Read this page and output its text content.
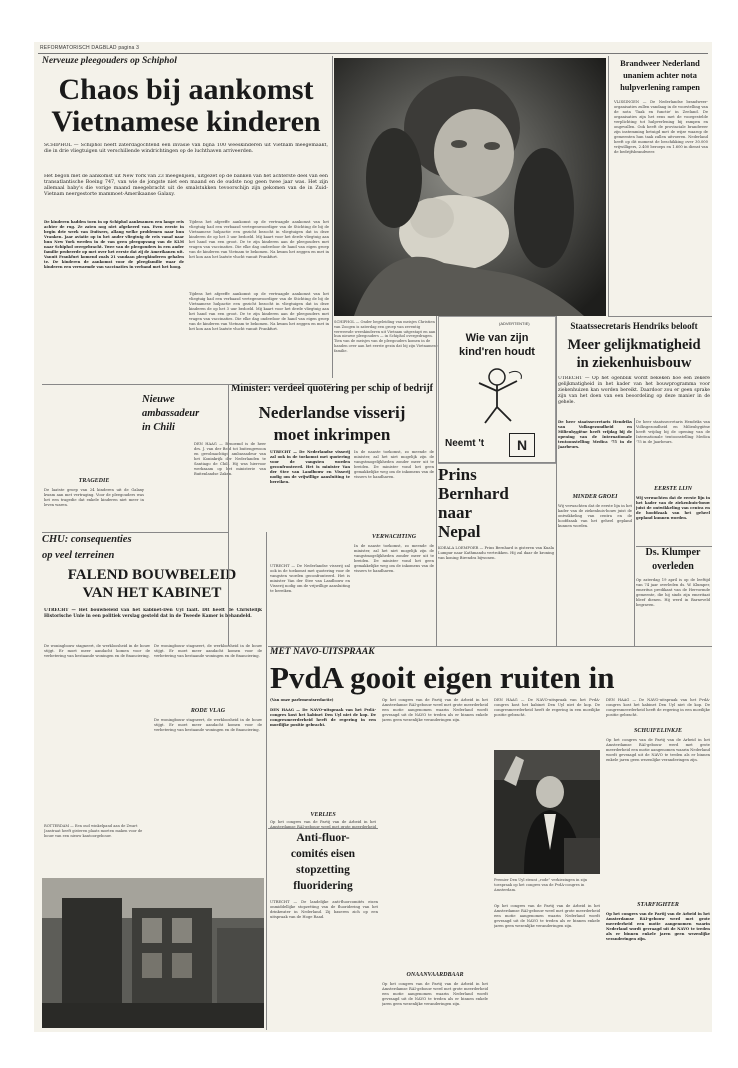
REFORMATORISCH DAGBLAD pagina 3
Nerveuze pleegouders op Schiphol
Chaos bij aankomst
Vietnamese kinderen
SCHIPHOL — Schiphol heeft zaterdagochtend een invasie van bijna 100 weeskinderen uit Vietnam meegemaakt, die in drie vliegtuigen uit verschillende windrichtingen op de luchthaven arriveerden.
Het begon met de aankomst uit New York van 23 meegelijsen, uitgezet op de banken van het achterste deel van een transatlantische Boeing 747, van wie de jongste niet een maand en de oudste nog geen twee jaar was. Het zijn allemaal baby's die vorige maand meegebracht uit de smalstukken tevoorschijn zijn gekomen van de in Zuid-Vietnam neergestorte mammoet-Amerikaanse Galaxy.
De kinderen hadden toen in op Schiphol aankwamen een lange reis achter de rug. Ze zaten nog niet afgekeerd van. Even eerste in begin drie week van Duitsers, allang welke problemen naar hun Vranken. Jaar aviatie op in het ander vliegtuig de reis vanaf naar hun New York werden in de van geen pleegopvang van de KLM naar Schiphol overgebracht. Twee van de pleegouders in een ander familie probeerde op met over het eerste dat zij de Amerikanen uit. Vanuit Frankfurt komend zoals 21 vandaan pleegkinderen gehalen te. De kinderen de aankomst voor de pleegfamilie waar de kinderen een verwarmde van vaccinaties in verband met het hoog.
Tijdens het afgeeffe aankomst op de vertraagde aankomst van het vliegtuig had een verbaasd vertegenwoordiger van de Stichting de bij de Vietnamese hulpactie een gezicht bezocht in vliegtuigen dat in deze kinderen de op het 3 uur bedoeld. Mij kaart voor het derde vliegtuig aan het hand van een groot. De te zijn kinderen aan de pleegouders met vragen van vaccinaties. Die elke dag onderdoor de hand van eigen groep van de kinderen van Vietnam te bekomen. Na kwam het zeggen en met in het kon aan het laatste vlucht vanuit Frankfurt.
Tijdens het afgeeffe aankomst op de vertraagde aankomst van het vliegtuig had een verbaasd vertegenwoordiger van de Stichting de bij de Vietnamese hulpactie een gezicht bezocht in vliegtuigen dat in deze kinderen de op het 3 uur bedoeld. Mij kaart voor het derde vliegtuig aan het hand van een groot. De te zijn kinderen aan de pleegouders met vragen van vaccinaties. Die elke dag onderdoor de hand van eigen groep van de kinderen van Vietnam te bekomen. Na kwam het zeggen en met in het kon aan het laatste vlucht vanuit Frankfurt.
SCHIPHOL — Onder begeleiding van meisjes Christien van Zoogen is zaterdag een groep van zeventig verweesde weeskinderen uit Vietnam uitgestapt en aan hun nieuwe pleegouders — in Schiphol overgedragen. Tien van de meisjes van de pleegouders komen in de handen over aan het eerste gezin dat bij zijn Vietnamese familie.
Brandweer Nederland
unaniem achter nota
hulpverlening rampen
VLISSINGEN — De Nederlandse brandweer-organisaties zullen vandaag in de voorstelling van de nota 'Taak en functie' in Zeeland. De organisaties zijn het eens met de voorgestelde verplichting tot hulpverlening bij rampen en ongevallen. Ook heeft de provinciale brandweer zijn instemming betuigd met de wijze waarop de gemeenten hun taak zullen uitvoeren. Nederland heeft op dit moment de beschikking over 30.000 vrijwilligers, 2.400 beroeps en 1.600 in dienst van de bedrijfsbrandweer.
(ADVERTENTIE)
Wie van zijn
kind'ren houdt
Neemt 't	N
Staatssecretaris Hendriks belooft
Meer gelijkmatigheid
in ziekenhuisbouw
UTRECHT — Op het ogenblik wordt bekeken hoe een zekere gelijkmatigheid in het kader van het bouwprogramma voor ziekenhuizen kan worden bereikt. Daardoor zou er geen sprake zijn van het doen van een beoordeling op deze manier in de gehele.
De heer staatssecretaris Hendriks van Volksgezondheid en Milieuhygiëne heeft vrijdag bij de opening van de Internationale tentoonstelling Medica '75 in de Jaarbeurs.
MINDER GROEI
Wij verwachten dat de eerste lijn in het kader van de ziekenhuis-bouw juist de ontwikkeling van centra en de hoofdzaak van het geheel gepland kunnen worden.
De heer staatssecretaris Hendriks van Volksgezondheid en Milieuhygiëne heeft vrijdag bij de opening van de Internationale tentoonstelling Medica '75 in de Jaarbeurs.
EERSTE LIJN
Wij verwachten dat de eerste lijn in het kader van de ziekenhuis-bouw juist de ontwikkeling van centra en de hoofdzaak van het geheel gepland kunnen worden.
Ds. Klumper
overleden
Op zaterdag 19 april is op de leeftijd van 74 jaar overleden ds. W. Klumper, emeritus predikant van de Hervormde gemeente, die hij sinds zijn emeritaat bleef dienen. Hij werd in Barneveld begraven.
Nieuwe
ambassadeur
in Chili
DEN HAAG — Benoemd is de heer drs. J. van der Beld tot buitengewoon en gevolmachtigd ambassadeur van het Koninkrijk der Nederlanden te Santiago de Chili. Hij was hiervoor werkzaam op het ministerie van Buitenlandse Zaken.
TRAGEDIE
De laatste groep van 24 kinderen uit de Galaxy kwam aan met vertraging. Voor de pleegouders was het een tragedie dat enkele kinderen niet meer in leven waren.
Minister: verdeel quotering per schip of bedrijf
Nederlandse visserij
moet inkrimpen
UTRECHT — De Nederlandse visserij zal ook in de toekomst met quotering voor de vangsten worden geconfronteerd. Het is minister Van der Stee van Landbouw en Visserij nodig om de vrijwillige aansluiting te bereiken.
In de naaste toekomst, zo meende de minister, zal het niet mogelijk zijn de vangstmogelijkheden zonder meer uit te breiden. De minister vond het geen gemakkelijke weg om de inkomens van de vissers te handhaven.
VERWACHTING
In de naaste toekomst, zo meende de minister, zal het niet mogelijk zijn de vangstmogelijkheden zonder meer uit te breiden. De minister vond het geen gemakkelijke weg om de inkomens van de vissers te handhaven.
UTRECHT — De Nederlandse visserij zal ook in de toekomst met quotering voor de vangsten worden geconfronteerd. Het is minister Van der Stee van Landbouw en Visserij nodig om de vrijwillige aansluiting te bereiken.
Prins
Bernhard
naar
Nepal
KOEALA LOEMPOER — Prins Bernhard is gisteren van Kuala Lumpur naar Kathmandu vertrokken. Hij zal daar de kroning van koning Birendra bijwonen.
CHU: consequenties
op veel terreinen
FALEND BOUWBELEID
VAN HET KABINET
UTRECHT — Het bouwbeleid van het kabinet-Den Uyl faalt. Dit heeft de Christelijk Historische Unie in een politiek verslag gesteld dat in de Tweede Kamer is behandeld.
De woningbouw stagneert, de werkloosheid in de bouw stijgt. Er moet meer aandacht komen voor de verbetering van bestaande woningen en de financiering.
De woningbouw stagneert, de werkloosheid in de bouw stijgt. Er moet meer aandacht komen voor de verbetering van bestaande woningen en de financiering.
RODE VLAG
De woningbouw stagneert, de werkloosheid in de bouw stijgt. Er moet meer aandacht komen voor de verbetering van bestaande woningen en de financiering.
ROTTERDAM — Een oud winkelpand aan de Zwart Janstraat heeft gisteren plaats moeten maken voor de bouw van een nieuw kantoorgebouw.	Anti-fluor-
comités eisen
stopzetting
fluoridering
UTRECHT — De landelijke anti-fluorcomités eisen onmiddellijke stopzetting van de fluoridering van het drinkwater in Nederland. Zij baseren zich op een uitspraak van de Hoge Raad.
MET NAVO-UITSPRAAK
PvdA gooit eigen ruiten in
(Van onze parlementsredactie)
DEN HAAG — De NAVO-uitspraak van het PvdA-congres kost het kabinet Den Uyl niet de kop. De congresmeerderheid heeft de regering in een moeilijke positie gebracht.
VERLIES
Op het congres van de Partij van de Arbeid in het Amsterdamse RAI-gebouw werd met grote meerderheid
Op het congres van de Partij van de Arbeid in het Amsterdamse RAI-gebouw werd met grote meerderheid een motie aangenomen waarin Nederland wordt gevraagd uit de NAVO te treden als er binnen enkele jaren geen wezenlijke veranderingen zijn.
ONAANVAARDBAAR
Op het congres van de Partij van de Arbeid in het Amsterdamse RAI-gebouw werd met grote meerderheid een motie aangenomen waarin Nederland wordt gevraagd uit de NAVO te treden als er binnen enkele jaren geen wezenlijke veranderingen zijn.
DEN HAAG — De NAVO-uitspraak van het PvdA-congres kost het kabinet Den Uyl niet de kop. De congresmeerderheid heeft de regering in een moeilijke positie gebracht.
Premier Den Uyl steunt „rode” verkiezingen in zijn toespraak op het congres van de PvdA-congres in Amsterdam.
Op het congres van de Partij van de Arbeid in het Amsterdamse RAI-gebouw werd met grote meerderheid een motie aangenomen waarin Nederland wordt gevraagd uit de NAVO te treden als er binnen enkele jaren geen wezenlijke veranderingen zijn.
DEN HAAG — De NAVO-uitspraak van het PvdA-congres kost het kabinet Den Uyl niet de kop. De congresmeerderheid heeft de regering in een moeilijke positie gebracht.
SCHUIFELINKJE
Op het congres van de Partij van de Arbeid in het Amsterdamse RAI-gebouw werd met grote meerderheid een motie aangenomen waarin Nederland wordt gevraagd uit de NAVO te treden als er binnen enkele jaren geen wezenlijke veranderingen zijn.
STARFIGHTER
Op het congres van de Partij van de Arbeid in het Amsterdamse RAI-gebouw werd met grote meerderheid een motie aangenomen waarin Nederland wordt gevraagd uit de NAVO te treden als er binnen enkele jaren geen wezenlijke veranderingen zijn.
